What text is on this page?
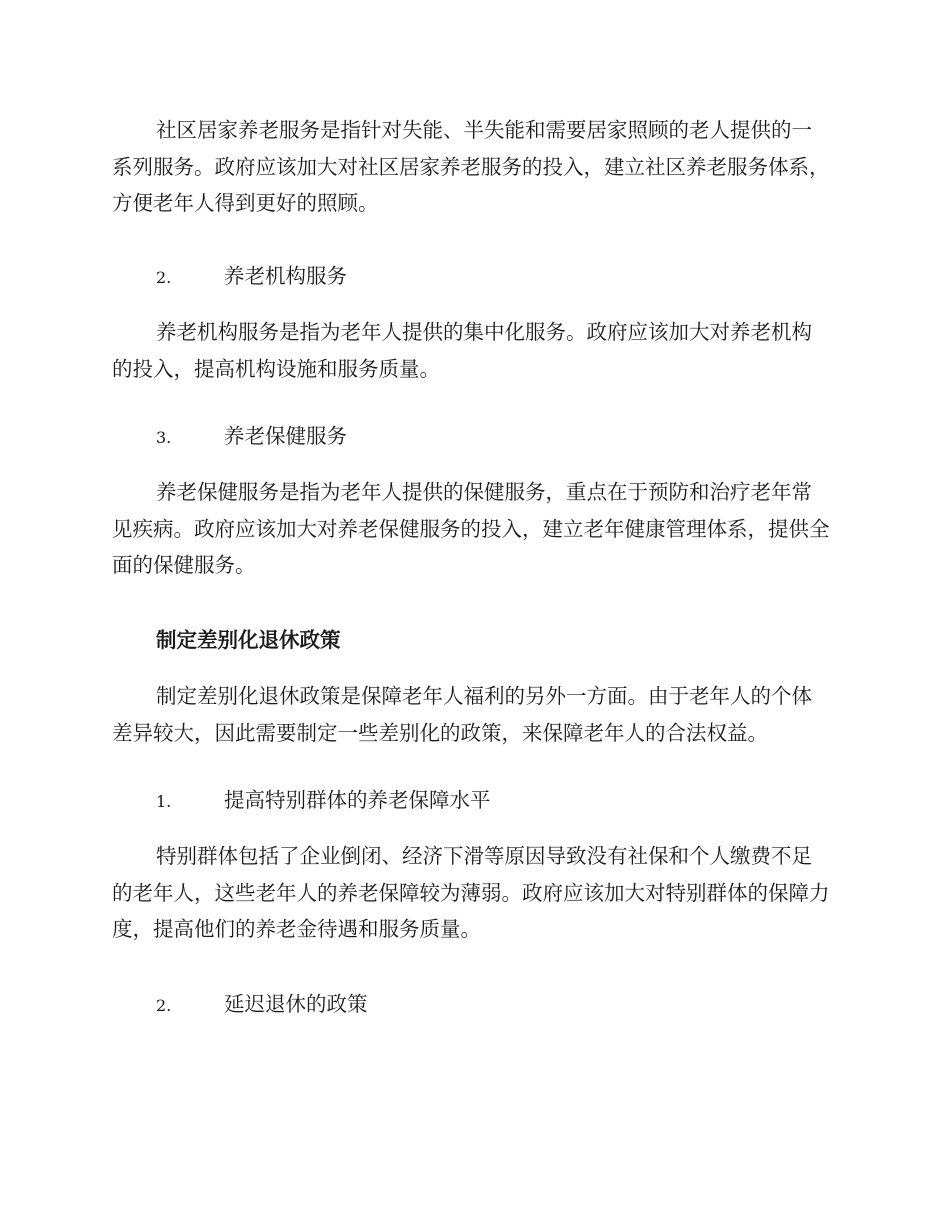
社区居家养老服务是指针对失能、半失能和需要居家照顾的老人提供的一系列服务。政府应该加大对社区居家养老服务的投入，建立社区养老服务体系，方便老年人得到更好的照顾。

2.	养老机构服务

养老机构服务是指为老年人提供的集中化服务。政府应该加大对养老机构的投入，提高机构设施和服务质量。

3.	养老保健服务

养老保健服务是指为老年人提供的保健服务，重点在于预防和治疗老年常见疾病。政府应该加大对养老保健服务的投入，建立老年健康管理体系，提供全面的保健服务。

制定差别化退休政策

制定差别化退休政策是保障老年人福利的另外一方面。由于老年人的个体差异较大，因此需要制定一些差别化的政策，来保障老年人的合法权益。

1.	提高特别群体的养老保障水平

特别群体包括了企业倒闭、经济下滑等原因导致没有社保和个人缴费不足的老年人，这些老年人的养老保障较为薄弱。政府应该加大对特别群体的保障力度，提高他们的养老金待遇和服务质量。

2.	延迟退休的政策
